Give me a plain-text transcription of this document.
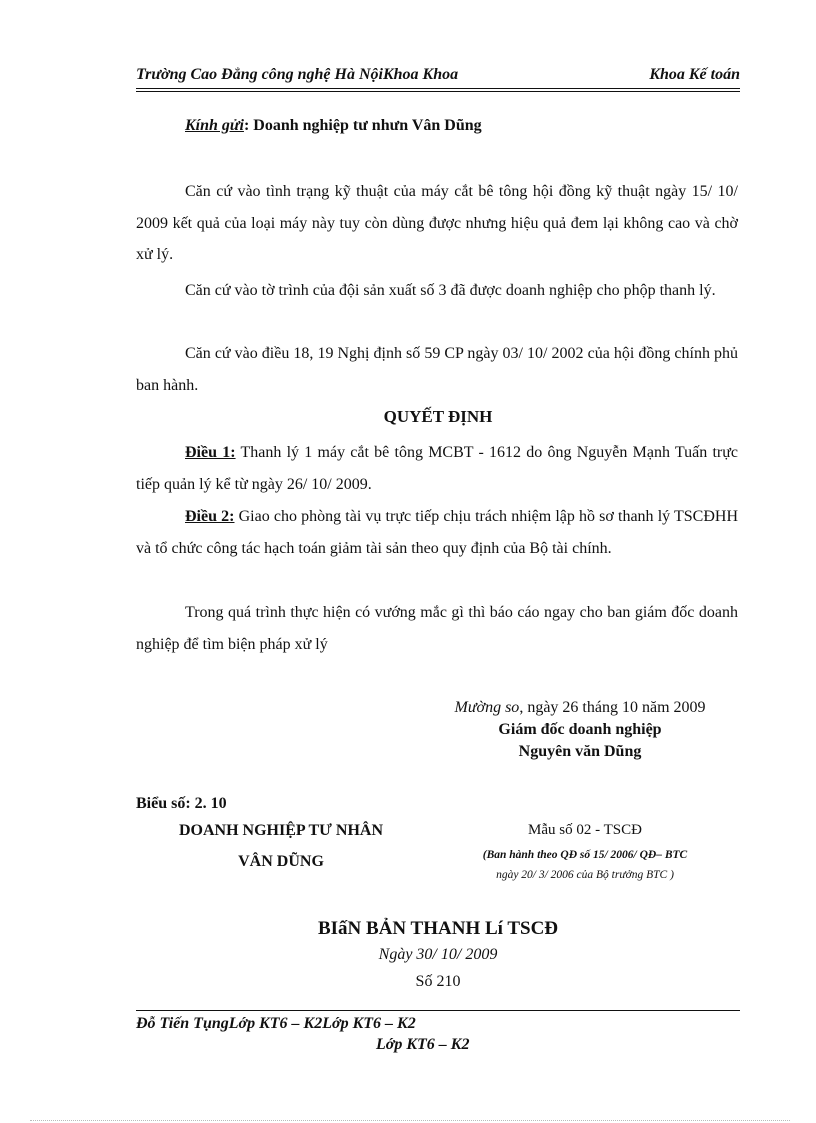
Trường Cao Đẳng công nghệ Hà NộiKhoa Khoa	Khoa Kế toán
Kính gửi: Doanh nghiệp tư nhưn Vân Dũng

Căn cứ vào tình trạng kỹ thuật của máy cắt bê tông hội đồng kỹ thuật ngày 15/ 10/ 2009 kết quả của loại máy này tuy còn dùng được nhưng hiệu quả đem lại không cao và chờ xử lý.

Căn cứ vào tờ trình của đội sản xuất số 3 đã được doanh nghiệp cho phộp thanh lý.

Căn cứ vào điều 18, 19 Nghị định số 59 CP ngày 03/ 10/ 2002 của hội đồng chính phủ ban hành.

QUYẾT ĐỊNH

Điều 1: Thanh lý 1 máy cắt bê tông MCBT - 1612 do ông Nguyễn Mạnh Tuấn trực tiếp quản lý kể từ ngày 26/ 10/ 2009.

Điều 2: Giao cho phòng tài vụ trực tiếp chịu trách nhiệm lập hồ sơ thanh lý TSCĐHH và tổ chức công tác hạch toán giảm tài sản theo quy định của Bộ tài chính.

Trong quá trình thực hiện có vướng mắc gì thì báo cáo ngay cho ban giám đốc doanh nghiệp để tìm biện pháp xử lý

Mường so, ngày 26 tháng 10 năm 2009
Giám đốc doanh nghiệp
Nguyên văn Dũng
Biểu số: 2. 10
DOANH NGHIỆP TƯ NHÂN
VÂN DŨNG
Mẫu số 02 - TSCĐ
(Ban hành theo QĐ số 15/ 2006/ QĐ– BTC
ngày 20/ 3/ 2006 của Bộ trưởng BTC )
BIấN BẢN THANH Lí TSCĐ
Ngày 30/ 10/ 2009
Số 210
Đỗ Tiến TụngLớp KT6 – K2Lớp KT6 – K2
Lớp KT6 – K2
